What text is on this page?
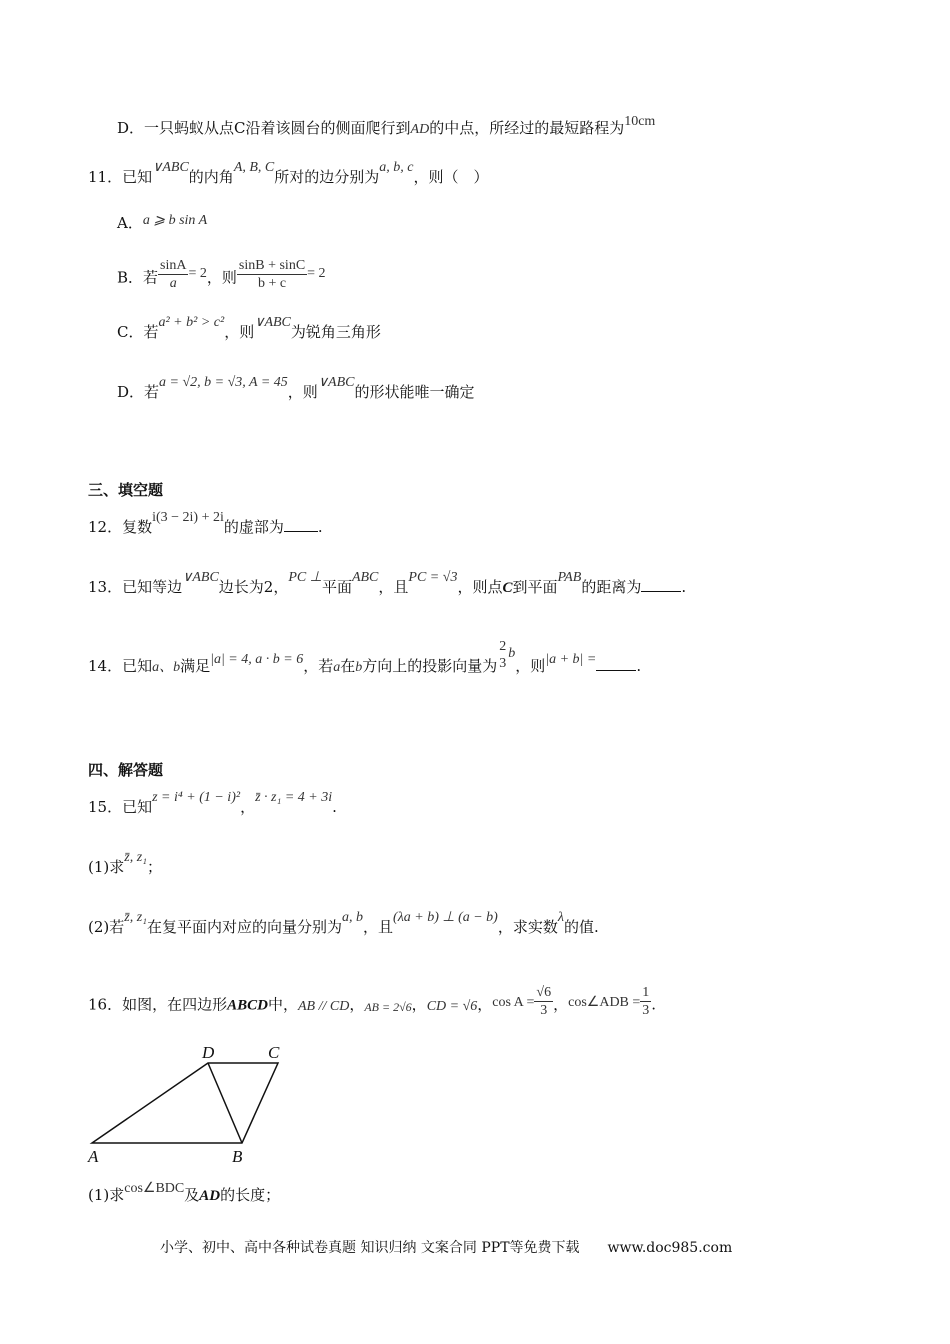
D．一只蚂蚁从点C沿着该圆台的侧面爬行到AD的中点，所经过的最短路程为10cm
11．已知∨ABC的内角A, B, C所对的边分别为a, b, c，则（　）
A．a ⩾ b sin A
B．若 $\frac{\sin A}{a} = 2$，则 $\frac{\sin B + \sin C}{b + c} = 2$
C．若a² + b² > c²，则∨ABC为锐角三角形
D．若a = √2, b = √3, A = 45，则∨ABC的形状能唯一确定
三、填空题
12．复数i(3 − 2i) + 2i的虚部为 .
13．已知等边∨ABC边长为2，PC ⊥平面ABC，且PC = √3，则点C到平面PAB的距离为	.
14．已知a、b满足|a| = 4, a · b = 6，若a在b方向上的投影向量为
2
3
b，则|a + b| =	.
四、解答题
15．已知z = i⁴ + (1 − i)²，z̄ · z₁ = 4 + 3i.
(1)求z̄, z₁；
(2)若z̄, z₁在复平面内对应的向量分别为a, b，且(λa + b) ⊥ (a − b)，求实数λ的值.
16．如图，在四边形ABCD中，AB // CD，AB = 2√6，CD = √6，$\cos A = \frac{√6}{3}$ ，cos∠ADB = $\frac{1}{3}$ .
A	B
C
D
(1)求cos∠BDC及AD的长度；
小学、初中、高中各种试卷真题 知识归纳 文案合同 PPT等免费下载　　www.doc985.com
